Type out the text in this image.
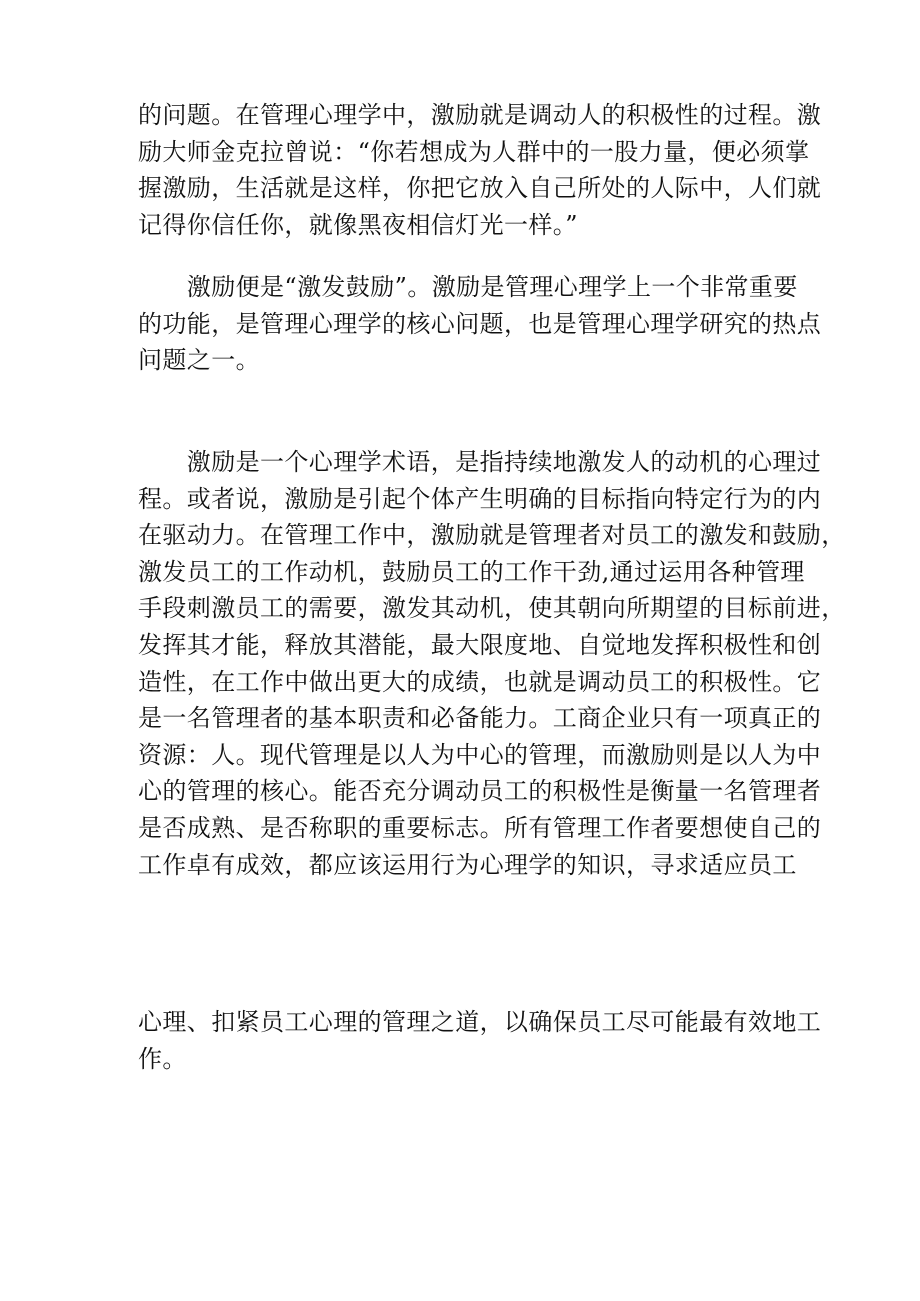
的问题。在管理心理学中，激励就是调动人的积极性的过程。激
励大师金克拉曾说：“你若想成为人群中的一股力量，便必须掌
握激励，生活就是这样，你把它放入自己所处的人际中，人们就
记得你信任你，就像黑夜相信灯光一样。”

　　激励便是“激发鼓励”。激励是管理心理学上一个非常重要
的功能，是管理心理学的核心问题，也是管理心理学研究的热点
问题之一。

　　激励是一个心理学术语，是指持续地激发人的动机的心理过
程。或者说，激励是引起个体产生明确的目标指向特定行为的内
在驱动力。在管理工作中，激励就是管理者对员工的激发和鼓励，
激发员工的工作动机，鼓励员工的工作干劲,通过运用各种管理
手段刺激员工的需要，激发其动机，使其朝向所期望的目标前进，
发挥其才能，释放其潜能，最大限度地、自觉地发挥积极性和创
造性，在工作中做出更大的成绩，也就是调动员工的积极性。它
是一名管理者的基本职责和必备能力。工商企业只有一项真正的
资源：人。现代管理是以人为中心的管理，而激励则是以人为中
心的管理的核心。能否充分调动员工的积极性是衡量一名管理者
是否成熟、是否称职的重要标志。所有管理工作者要想使自己的
工作卓有成效，都应该运用行为心理学的知识，寻求适应员工

心理、扣紧员工心理的管理之道，以确保员工尽可能最有效地工
作。
